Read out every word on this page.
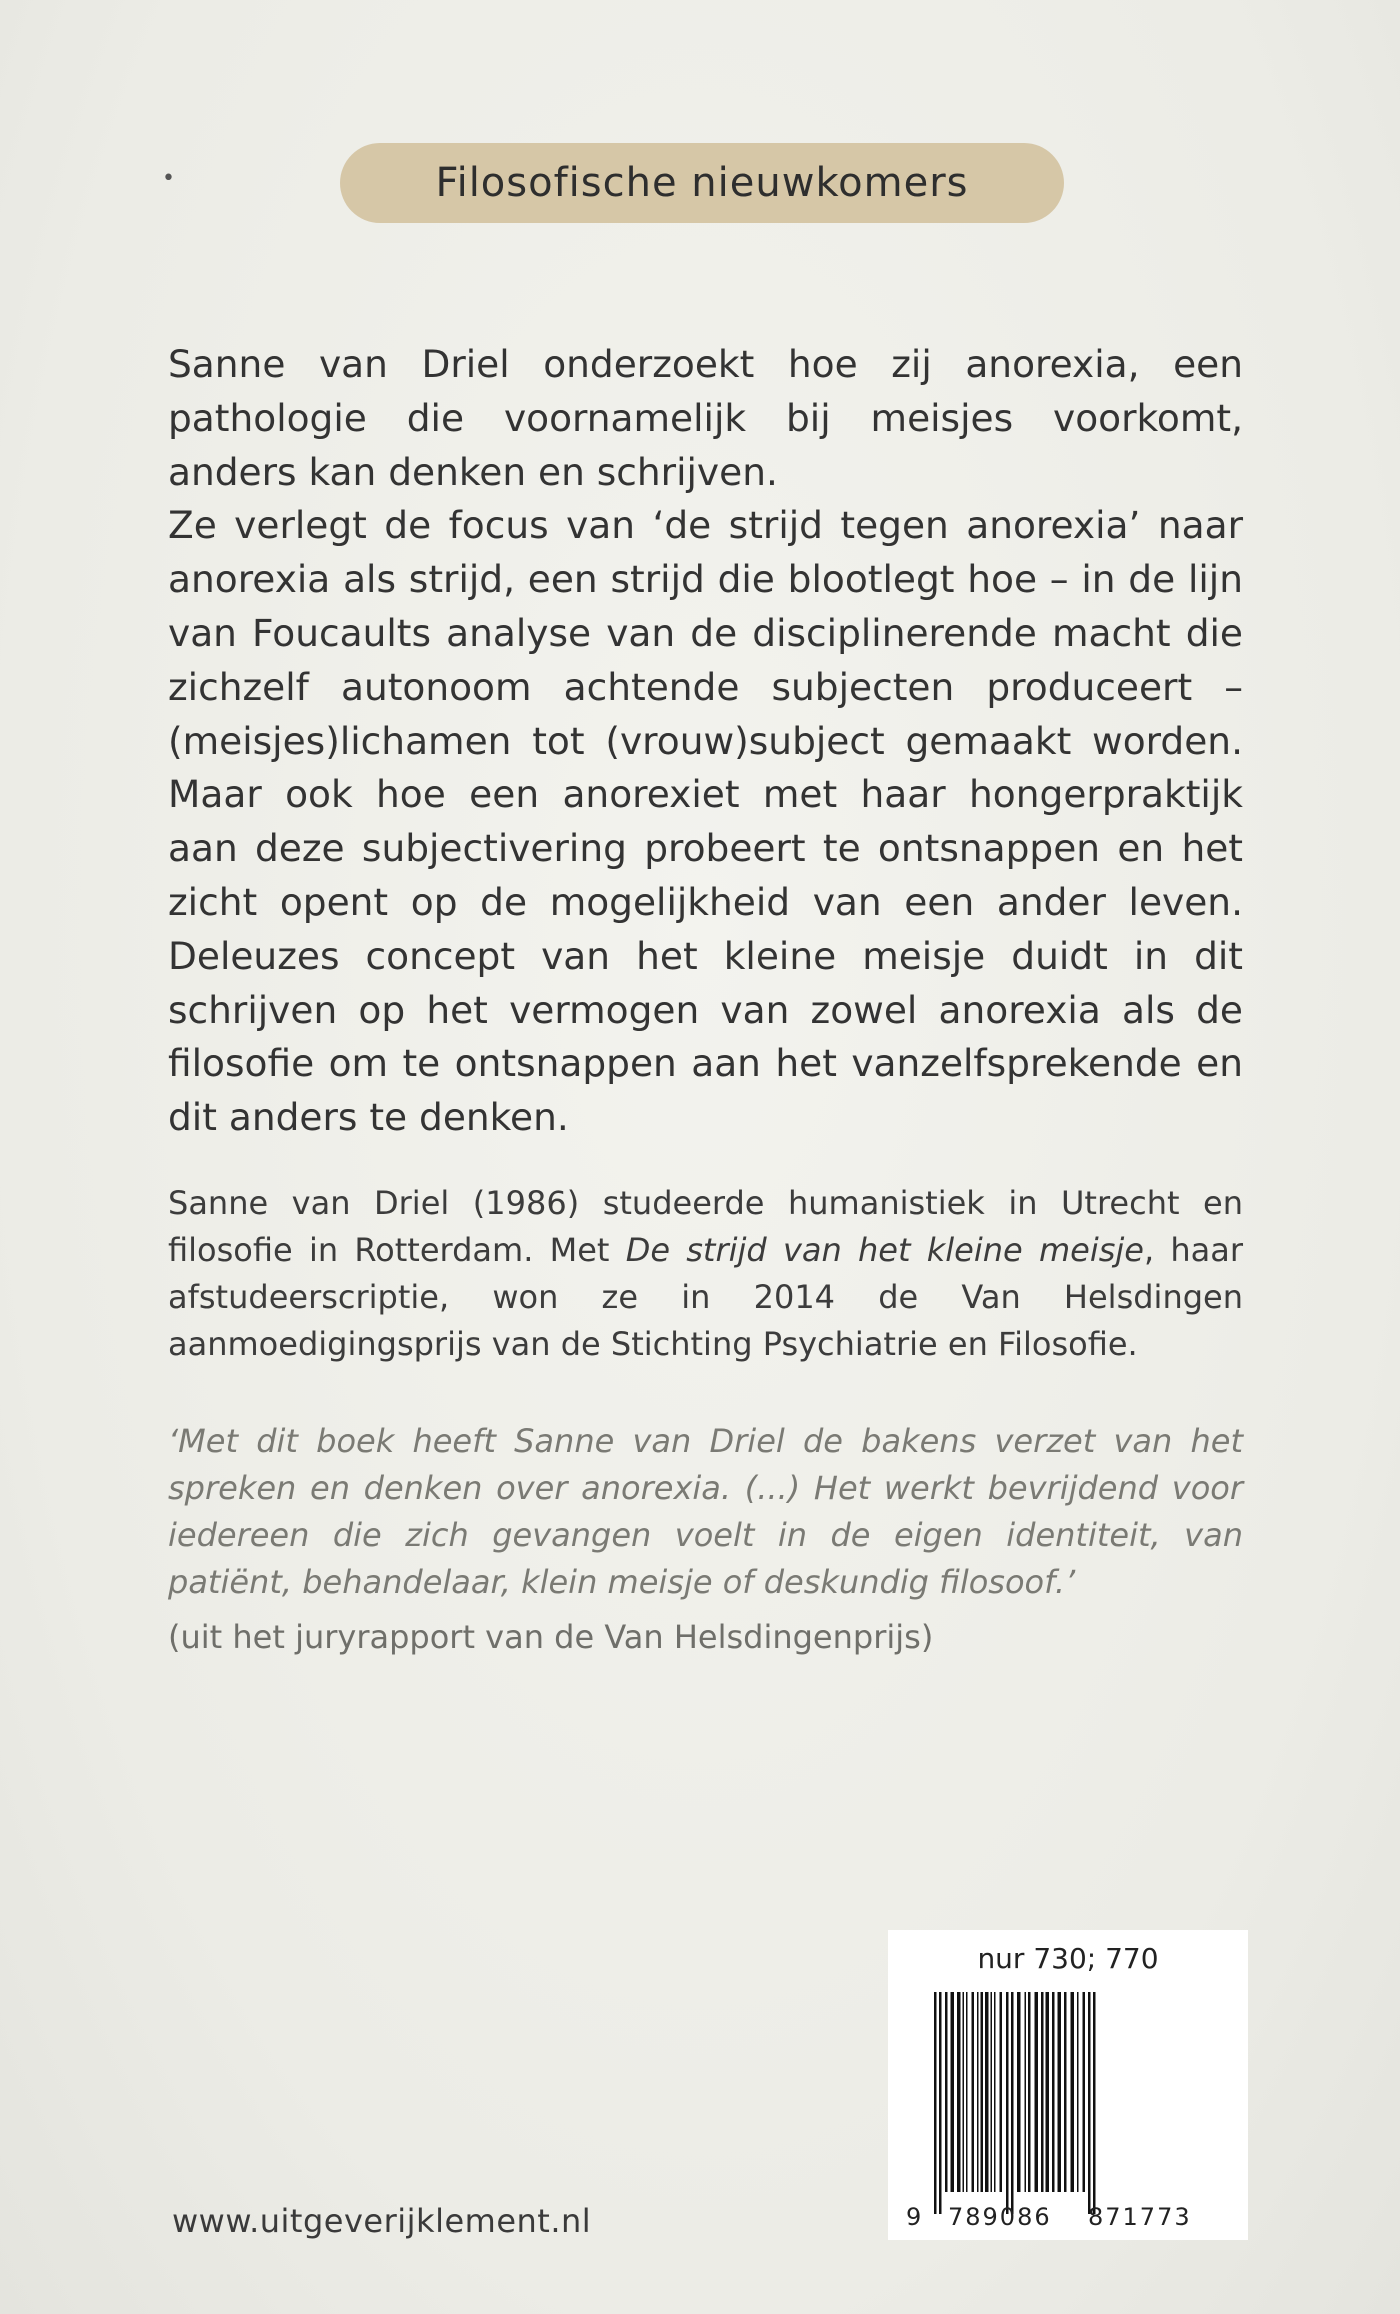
•	Filosofische nieuwkomers

Sanne van Driel onderzoekt hoe zij anorexia, een pathologie die voornamelijk bij meisjes voorkomt, anders kan denken en schrijven.

Ze verlegt de focus van ‘de strijd tegen anorexia’ naar anorexia als strijd, een strijd die blootlegt hoe – in de lijn van Foucaults analyse van de disciplinerende macht die zichzelf autonoom achtende subjecten produceert – (meisjes)lichamen tot (vrouw)subject gemaakt worden. Maar ook hoe een anorexiet met haar hongerpraktijk aan deze subjectivering probeert te ontsnappen en het zicht opent op de mogelijkheid van een ander leven. Deleuzes concept van het kleine meisje duidt in dit schrijven op het vermogen van zowel anorexia als de filosofie om te ontsnappen aan het vanzelfsprekende en dit anders te denken.

Sanne van Driel (1986) studeerde humanistiek in Utrecht en filosofie in Rotterdam. Met De strijd van het kleine meisje, haar afstudeerscriptie, won ze in 2014 de Van Helsdingen aanmoedigingsprijs van de Stichting Psychiatrie en Filosofie.

‘Met dit boek heeft Sanne van Driel de bakens verzet van het spreken en denken over anorexia. (...) Het werkt bevrijdend voor iedereen die zich gevangen voelt in de eigen identiteit, van patiënt, behandelaar, klein meisje of deskundig filosoof.’

(uit het juryrapport van de Van Helsdingenprijs)
nur 730; 770
9 789086 871773
www.uitgeverijklement.nl
